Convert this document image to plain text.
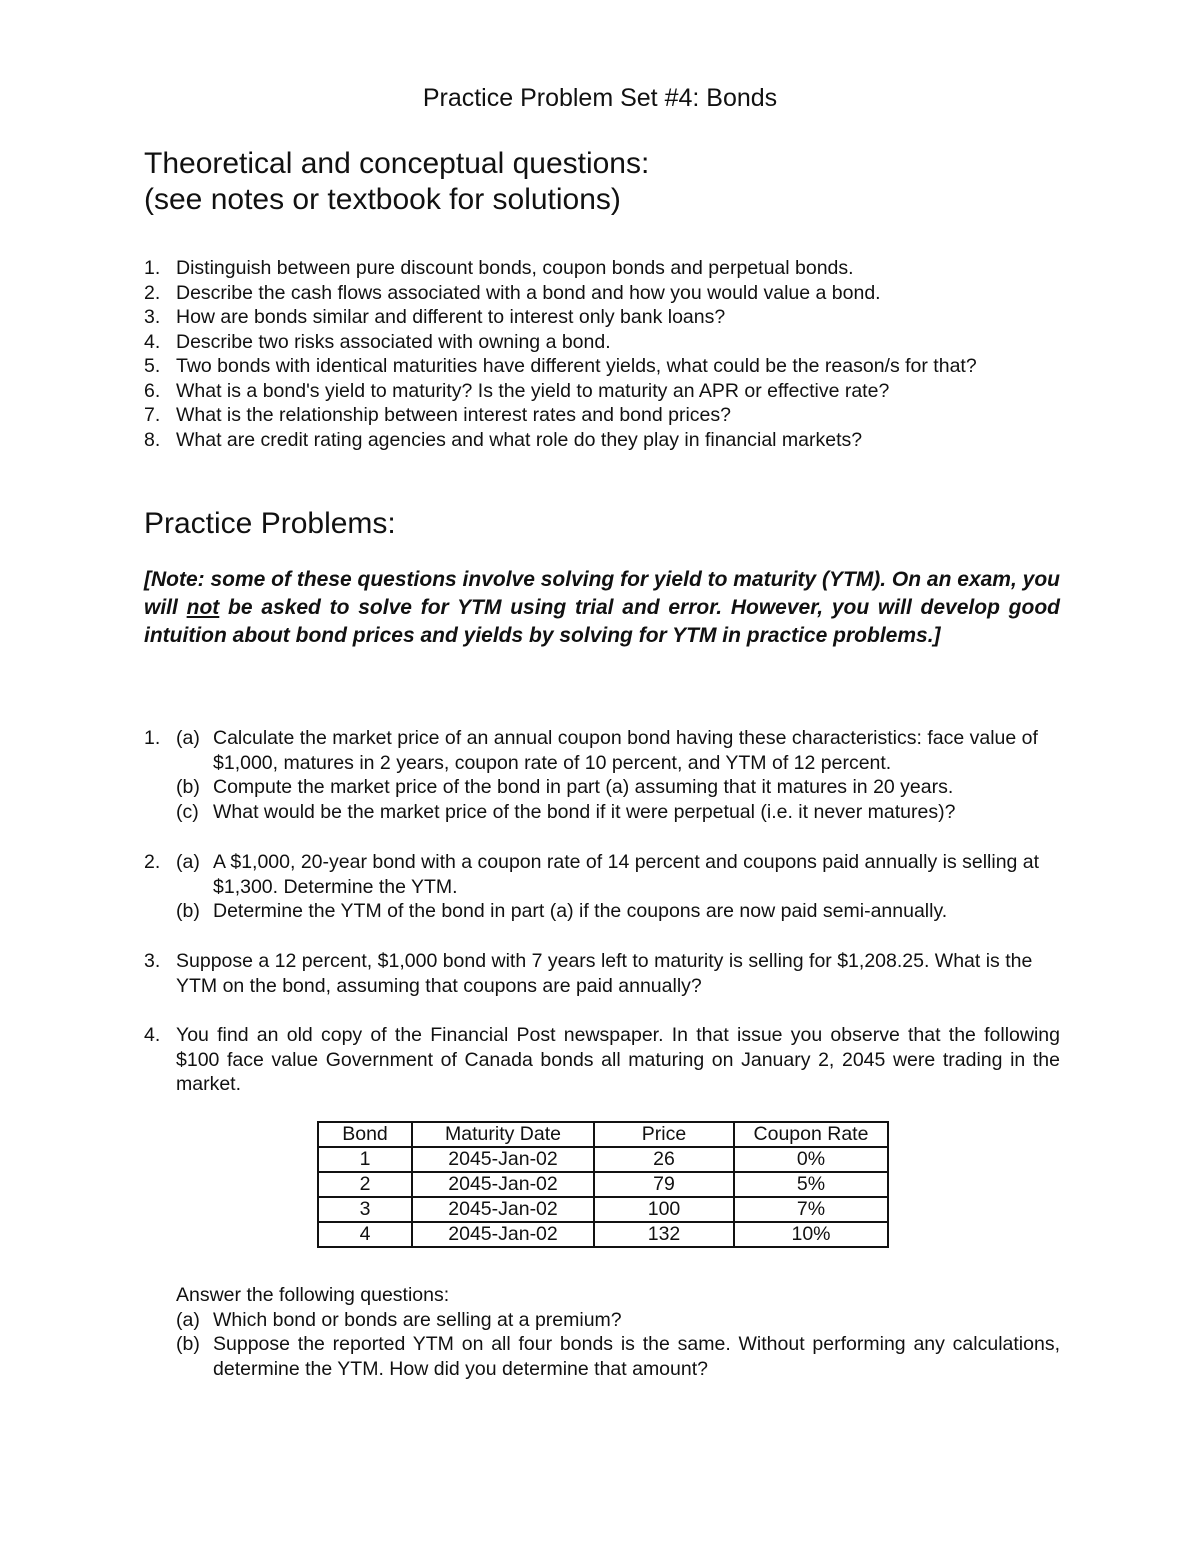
Practice Problem Set #4: Bonds
Theoretical and conceptual questions:
(see notes or textbook for solutions)
1. Distinguish between pure discount bonds, coupon bonds and perpetual bonds.
2. Describe the cash flows associated with a bond and how you would value a bond.
3. How are bonds similar and different to interest only bank loans?
4. Describe two risks associated with owning a bond.
5. Two bonds with identical maturities have different yields, what could be the reason/s for that?
6. What is a bond's yield to maturity? Is the yield to maturity an APR or effective rate?
7. What is the relationship between interest rates and bond prices?
8. What are credit rating agencies and what role do they play in financial markets?
Practice Problems:
[Note: some of these questions involve solving for yield to maturity (YTM). On an exam, you will not be asked to solve for YTM using trial and error. However, you will develop good intuition about bond prices and yields by solving for YTM in practice problems.]
1. (a) Calculate the market price of an annual coupon bond having these characteristics: face value of $1,000, matures in 2 years, coupon rate of 10 percent, and YTM of 12 percent.
(b) Compute the market price of the bond in part (a) assuming that it matures in 20 years.
(c) What would be the market price of the bond if it were perpetual (i.e. it never matures)?
2. (a) A $1,000, 20-year bond with a coupon rate of 14 percent and coupons paid annually is selling at $1,300. Determine the YTM.
(b) Determine the YTM of the bond in part (a) if the coupons are now paid semi-annually.
3. Suppose a 12 percent, $1,000 bond with 7 years left to maturity is selling for $1,208.25. What is the YTM on the bond, assuming that coupons are paid annually?
4. You find an old copy of the Financial Post newspaper. In that issue you observe that the following $100 face value Government of Canada bonds all maturing on January 2, 2045 were trading in the market.
Bond	Maturity Date	Price	Coupon Rate
1	2045-Jan-02	26	0%
2	2045-Jan-02	79	5%
3	2045-Jan-02	100	7%
4	2045-Jan-02	132	10%
Answer the following questions:
(a) Which bond or bonds are selling at a premium?
(b) Suppose the reported YTM on all four bonds is the same. Without performing any calculations, determine the YTM. How did you determine that amount?
